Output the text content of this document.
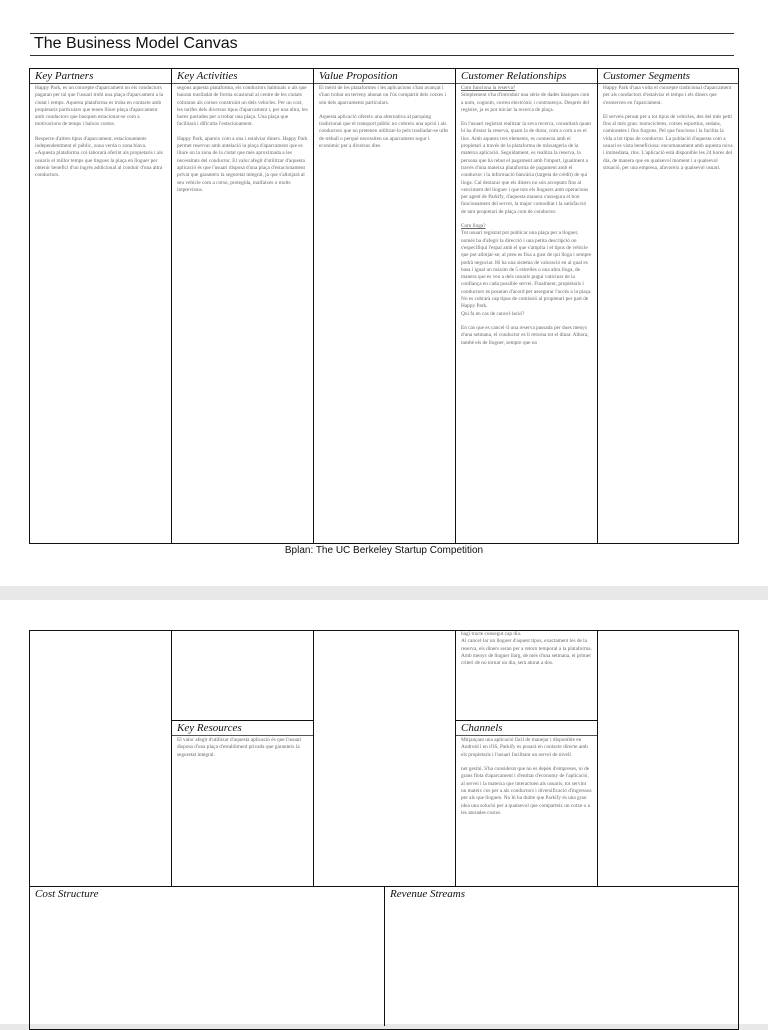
The Business Model Canvas
Key Partners

Happy Park, es un concepte d'aparcament on els conductors pagaran per tal que l'usuari trobi una plaça d'aparcament a la ciutat i temps. Aquesta plataforma es troba en contacte amb propietaris particulars que tenen lliure plaça d'aparcament amb conductors que busquen estacionar-se com a motivacions de temps i baixos costos.

Respecte d'altres tipus d'aparcament, estacionaments independentment el públic, zona verda o zona blava. «Aquesta plataforma col·laborarà oferint als propietaris i als usuaris el millor temps que tingues la plaça en lloguer per obtenir benefici d'un ingrés addicional al conduir d'una altra conductors.

Key Activities

segons aquesta plataforma, els conductors habituals o als que hauran traslladat de forma ocasional al centre de les ciutats cobraran als cotxes construïnt un dels vehicles. Per un cost, les tarifes dels diversos tipus d'aparcament i, per una altra, les hores pactades per a trobar una plaça. Una plaça que facilitarà i dificulta l'estacionament.

Happy Park, apareix com a una i estalviar diners. Happy Park permet reservar amb antelació la plaça d'aparcament que es lliure on la zona de la ciutat que més aproximada a les necessitats del conductor. El valor afegit d'utilitzar d'aquesta aplicació és que l'usuari disposa d'una plaça d'estacionament privat que garanteix la seguretat integral, ja que s'allotjarà al seu vehicle com a cotxe, protegida, malfaixes o molts imprevistos.

Value Proposition

El mèrit de les plataformes i les aplicacions s'han avançat i s'han trobat un terreny abonat on l'ús compartit dels cotxes i són dels aparcaments particulars.

Aquesta aplicació ofereix una alternativa al parquing tradicional que el transport públic no cobreix una opció i als conductors que no pretenen utilitzar-lo pels traslladar-se urbs de treball o perquè necessiten un aparcament segur i econòmic per a diversos dies.

Customer Relationships

Com funciona la reserva?

Simplement s'ha d'introduir una sèrie de dades bàsiques com a nom, cognom, correu electrònic i contrasenya. Després del registre, ja es pot iniciar la recerca de plaça.

En l'usuari registrat realitzar la seva recerca, consultarà quant hi ha d'estar la reserva, quant la de durar, com a com a es el lloc. Amb aquests tres elements, es connecta amb el propietari a través de la plataforma de missatgeria de la mateixa aplicació. Seguidament, es realitza la reserva, la persona que ha rebut el pagament amb l'import, igualment a través d'una mateixa plataforma de pagament amb el conductor i la informació bancària (targeta de crèdit) de qui lloga. Cal destacar que els diners no són acceptats fins al venciment del lloguer i que tots els lloguers amb operacions per agent de Parkify, d'aquesta manera s'assegura el bon funcionament del servei, la major comoditat i la satisfacció de tant propietari de plaça com de conductor.

Com lloga?

Tot usuari registrat pot publicar una plaça per a lloguer, només ha d'afegir la direcció i una petita descripció on s'especifiqui l'espai amb el que s'amplia i el tipus de vehicle que pot allotjar-se; al preu es fixa a gust de qui lloga i sempre podrà negociar. Hi ha una sistema de valoració en al qual es basa i igual un màxim de 5 estrelles o una altra lloga, de manera que es veu a dels usuaris pugui vaticinar de la confiança en cada possible servei. Finalment, propietaris i conductors es posaran d'acord per assegurar l'accés a la plaça. No es cobrarà cap tipus de comissió al propietari per part de Happy Park.
Qui fa en cas de cancel·lació?

En cas que es cancel·li una reserva passada per dues menys d'una setmana, el conductor es li retorna tot el dinar. Alhora, també els de lloguer, sempre que no

Customer Segments

Happy Park d'una volta el concepte tradicional d'aparcament per als conductors d'estalviar el temps i els diners que s'esmercen en l'aparcament.

El serveis pensat per a tot tipus de vehicles, des del més petit fins al més gran: motocicletes, cotxes esportius, sedans, camionetes i fins furgons. Pel que funciona i la facilita la vida a tot tipus de conductor. La població d'aquesta com a usuari es vista beneficiosa: encomanament amb aquesta nova i immediata, rins. L'aplicació està disponible les 24 hores del dia, de manera que en qualsevol moment i a qualsevol situació, per una empresa, afavoreix a qualsevol usuari.

Bplan: The UC Berkeley Startup Competition

hagi tracte consegut cap dia.
Al cancel·lar un lloguer d'aquest tipus, exactament les de la reserva, els diners seran per a retorn temporal a la plataforma. Amb menys de lloguer llarg, de més d'una setmana, el primer criteri de no tornar un dia, serà aturat a dos.

Key Resources

El valor afegit d'utilitzar d'aquesta aplicació és que l'usuari disposa d'una plaça d'establiment privada que garanteix la seguretat integral.

Channels

Mitjançant una aplicació fàcil de manejar i disponible en Android i en iOS, Parkify es posarà en contacte directe amb els propietaris i l'usuari facilitant un servei de nivell.

net gestió. S'ha considerat que no es depèn d'empreses, ni de grans flota d'aparcament i d'entitat d'economy de l'aplicació, al servei i la mateixa que interactuen als usuaris, tot servint un mateix cos per a als conductors i diversificació d'ingressos per als que lloguen. No hi ha dubte que Parkify és una gran idea una solució per a qualsevol que comparteix un cotxe o a les aturades costos

Cost Structure	Revenue Streams
